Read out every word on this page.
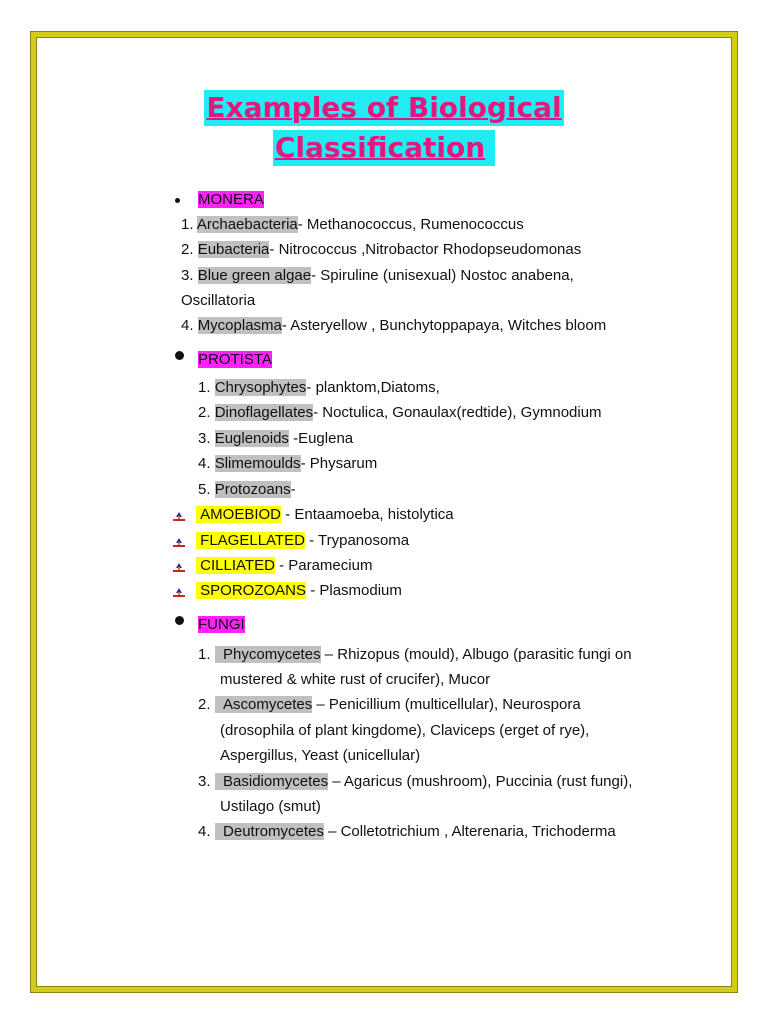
Examples of Biological
Classification
MONERA
1. Archaebacteria- Methanococcus, Rumenococcus
2. Eubacteria- Nitrococcus ,Nitrobactor Rhodopseudomonas
3. Blue green algae- Spiruline (unisexual) Nostoc anabena,
Oscillatoria
4. Mycoplasma- Asteryellow , Bunchytoppapaya, Witches bloom
PROTISTA
1. Chrysophytes- planktom,Diatoms,
2. Dinoflagellates- Noctulica, Gonaulax(redtide), Gymnodium
3. Euglenoids -Euglena
4. Slimemoulds- Physarum
5. Protozoans-
AMOEBIOD - Entaamoeba, histolytica
FLAGELLATED - Trypanosoma
CILLIATED - Paramecium
SPOROZOANS - Plasmodium
FUNGI
1. Phycomycetes – Rhizopus (mould), Albugo (parasitic fungi on
mustered & white rust of crucifer), Mucor
2. Ascomycetes – Penicillium (multicellular), Neurospora
(drosophila of plant kingdome), Claviceps (erget of rye),
Aspergillus, Yeast (unicellular)
3. Basidiomycetes – Agaricus (mushroom), Puccinia (rust fungi),
Ustilago (smut)
4. Deutromycetes – Colletotrichium , Alterenaria, Trichoderma
